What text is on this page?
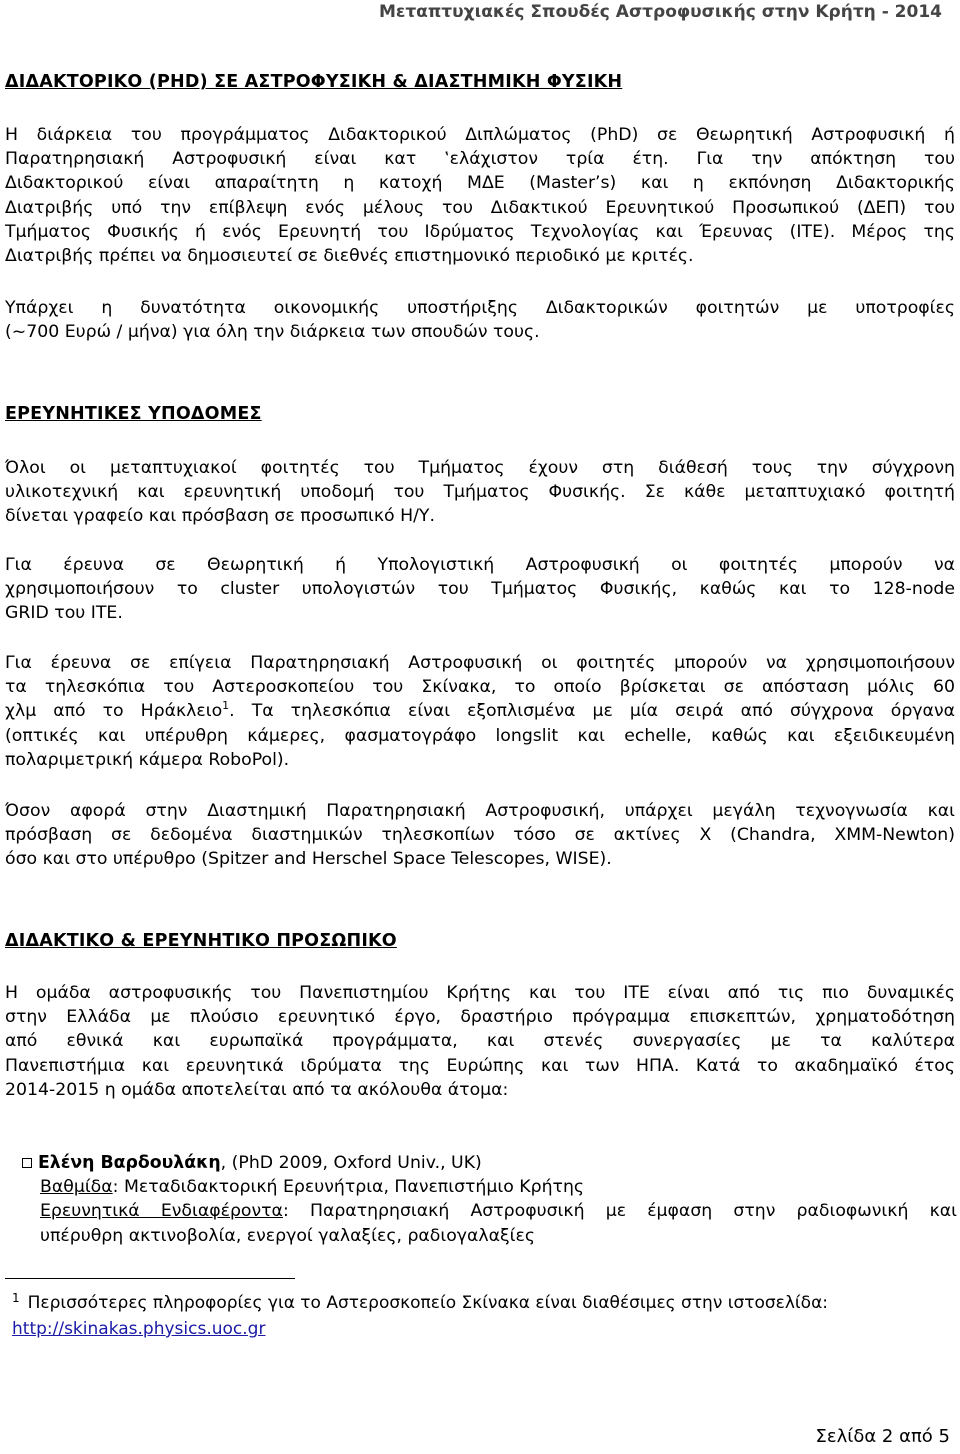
Μεταπτυχιακές Σπουδές Αστροφυσικής στην Κρήτη - 2014
ΔΙΔΑΚΤΟΡΙΚΟ (PHD) ΣΕ ΑΣΤΡΟΦΥΣΙΚΗ & ΔΙΑΣΤΗΜΙΚΗ ΦΥΣΙΚΗ

Η διάρκεια του προγράμματος Διδακτορικού Διπλώματος (PhD) σε Θεωρητική Αστροφυσική ή
Παρατηρησιακή Αστροφυσική είναι κατ ‛ελάχιστον τρία έτη. Για την απόκτηση του
Διδακτορικού είναι απαραίτητη η κατοχή ΜΔΕ (Master’s) και η εκπόνηση Διδακτορικής
Διατριβής υπό την επίβλεψη ενός μέλους του Διδακτικού Ερευνητικού Προσωπικού (ΔΕΠ) του
Τμήματος Φυσικής ή ενός Ερευνητή του Ιδρύματος Τεχνολογίας και Έρευνας (ΙΤΕ). Μέρος της
Διατριβής πρέπει να δημοσιευτεί σε διεθνές επιστημονικό περιοδικό με κριτές.

Υπάρχει η δυνατότητα οικονομικής υποστήριξης Διδακτορικών φοιτητών με υποτροφίες
(~700 Ευρώ / μήνα) για όλη την διάρκεια των σπουδών τους.

ΕΡΕΥΝΗΤΙΚΕΣ ΥΠΟΔΟΜΕΣ

Όλοι οι μεταπτυχιακοί φοιτητές του Τμήματος έχουν στη διάθεσή τους την σύγχρονη
υλικοτεχνική και ερευνητική υποδομή του Τμήματος Φυσικής. Σε κάθε μεταπτυχιακό φοιτητή
δίνεται γραφείο και πρόσβαση σε προσωπικό Η/Υ.

Για έρευνα σε Θεωρητική ή Υπολογιστική Αστροφυσική οι φοιτητές μπορούν να
χρησιμοποιήσουν το cluster υπολογιστών του Τμήματος Φυσικής, καθώς και το 128-node
GRID του ΙΤΕ.

Για έρευνα σε επίγεια Παρατηρησιακή Αστροφυσική οι φοιτητές μπορούν να χρησιμοποιήσουν
τα τηλεσκόπια του Αστεροσκοπείου του Σκίνακα, το οποίο βρίσκεται σε απόσταση μόλις 60
χλμ από το Ηράκλειο$^1$. Τα τηλεσκόπια είναι εξοπλισμένα με μία σειρά από σύγχρονα όργανα
(οπτικές και υπέρυθρη κάμερες, φασματογράφο longslit και echelle, καθώς και εξειδικευμένη
πολαριμετρική κάμερα RoboPol).

Όσον αφορά στην Διαστημική Παρατηρησιακή Αστροφυσική, υπάρχει μεγάλη τεχνογνωσία και
πρόσβαση σε δεδομένα διαστημικών τηλεσκοπίων τόσο σε ακτίνες Χ (Chandra, XMM-Newton)
όσο και στο υπέρυθρο (Spitzer and Herschel Space Telescopes, WISE).

ΔΙΔΑΚΤΙΚΟ & ΕΡΕΥΝΗΤΙΚΟ ΠΡΟΣΩΠΙΚΟ

Η ομάδα αστροφυσικής του Πανεπιστημίου Κρήτης και του ΙΤΕ είναι από τις πιο δυναμικές
στην Ελλάδα με πλούσιο ερευνητικό έργο, δραστήριο πρόγραμμα επισκεπτών, χρηματοδότηση
από εθνικά και ευρωπαϊκά προγράμματα, και στενές συνεργασίες με τα καλύτερα
Πανεπιστήμια και ερευνητικά ιδρύματα της Ευρώπης και των ΗΠΑ. Κατά το ακαδημαϊκό έτος
2014-2015 η ομάδα αποτελείται από τα ακόλουθα άτομα:

Ελένη Βαρδουλάκη , (PhD 2009, Oxford Univ., UK)
Βαθμίδα: Μεταδιδακτορική Ερευνήτρια, Πανεπιστήμιο Κρήτης
Ερευνητικά Ενδιαφέροντα: Παρατηρησιακή Αστροφυσική με έμφαση στην ραδιοφωνική και
υπέρυθρη ακτινοβολία, ενεργοί γαλαξίες, ραδιογαλαξίες

$^1$ Περισσότερες πληροφορίες για το Αστεροσκοπείο Σκίνακα είναι διαθέσιμες στην ιστοσελίδα:
http://skinakas.physics.uoc.gr

Σελίδα 2 από 5
